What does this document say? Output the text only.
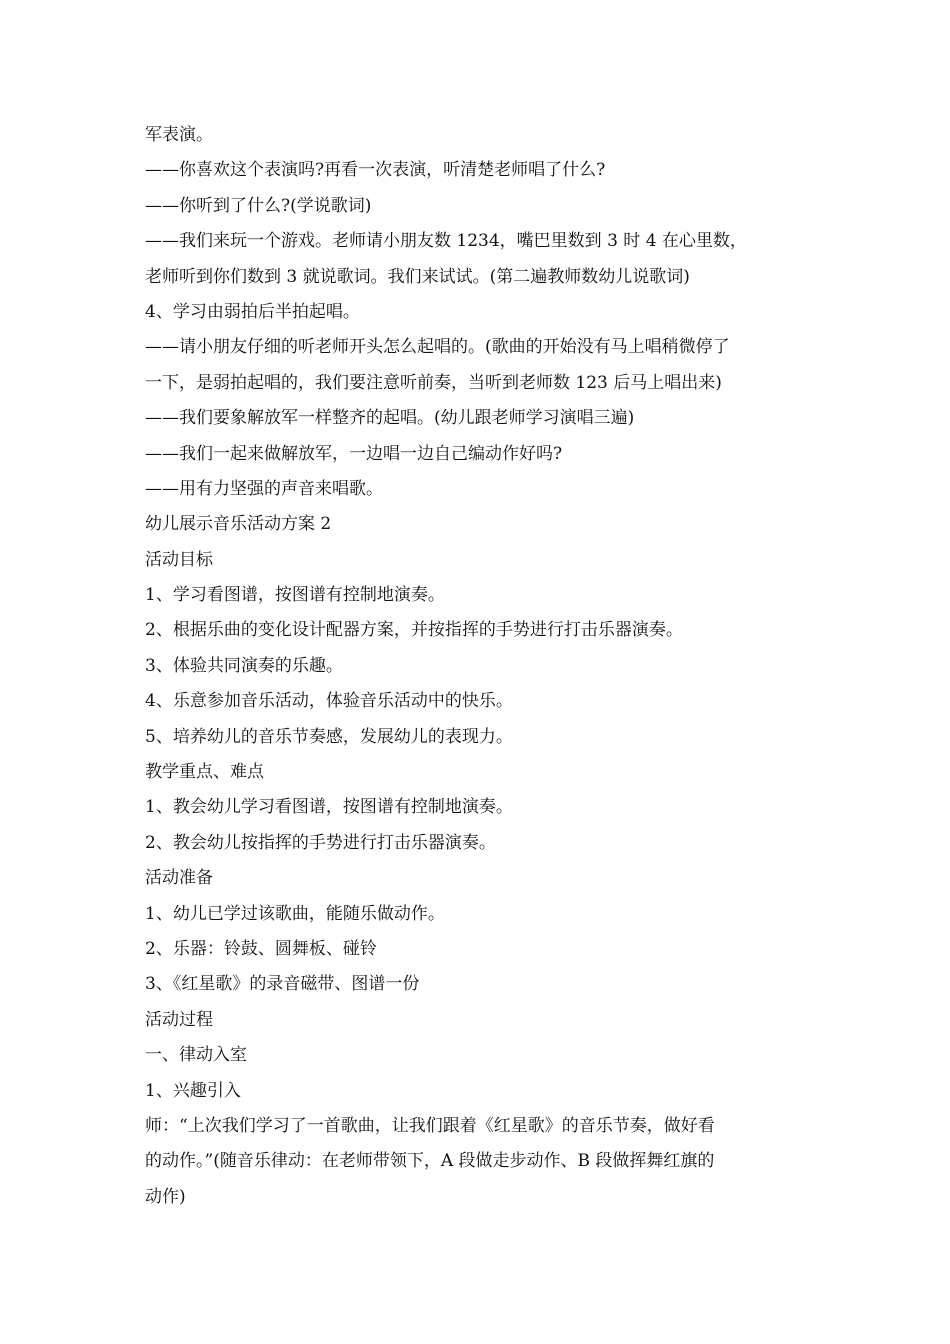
军表演。
——你喜欢这个表演吗?再看一次表演，听清楚老师唱了什么?
——你听到了什么?(学说歌词)
——我们来玩一个游戏。老师请小朋友数 1234，嘴巴里数到 3 时 4 在心里数，
老师听到你们数到 3 就说歌词。我们来试试。(第二遍教师数幼儿说歌词)
4、学习由弱拍后半拍起唱。
——请小朋友仔细的听老师开头怎么起唱的。(歌曲的开始没有马上唱稍微停了
一下，是弱拍起唱的，我们要注意听前奏，当听到老师数 123 后马上唱出来)
——我们要象解放军一样整齐的起唱。(幼儿跟老师学习演唱三遍)
——我们一起来做解放军，一边唱一边自己编动作好吗?
——用有力坚强的声音来唱歌。
幼儿展示音乐活动方案 2
活动目标
1、学习看图谱，按图谱有控制地演奏。
2、根据乐曲的变化设计配器方案，并按指挥的手势进行打击乐器演奏。
3、体验共同演奏的乐趣。
4、乐意参加音乐活动，体验音乐活动中的快乐。
5、培养幼儿的音乐节奏感，发展幼儿的表现力。
教学重点、难点
1、教会幼儿学习看图谱，按图谱有控制地演奏。
2、教会幼儿按指挥的手势进行打击乐器演奏。
活动准备
1、幼儿已学过该歌曲，能随乐做动作。
2、乐器：铃鼓、圆舞板、碰铃
3、《红星歌》的录音磁带、图谱一份
活动过程
一、律动入室
1、兴趣引入
师：“上次我们学习了一首歌曲，让我们跟着《红星歌》的音乐节奏，做好看
的动作。”(随音乐律动：在老师带领下，A 段做走步动作、B 段做挥舞红旗的
动作)
